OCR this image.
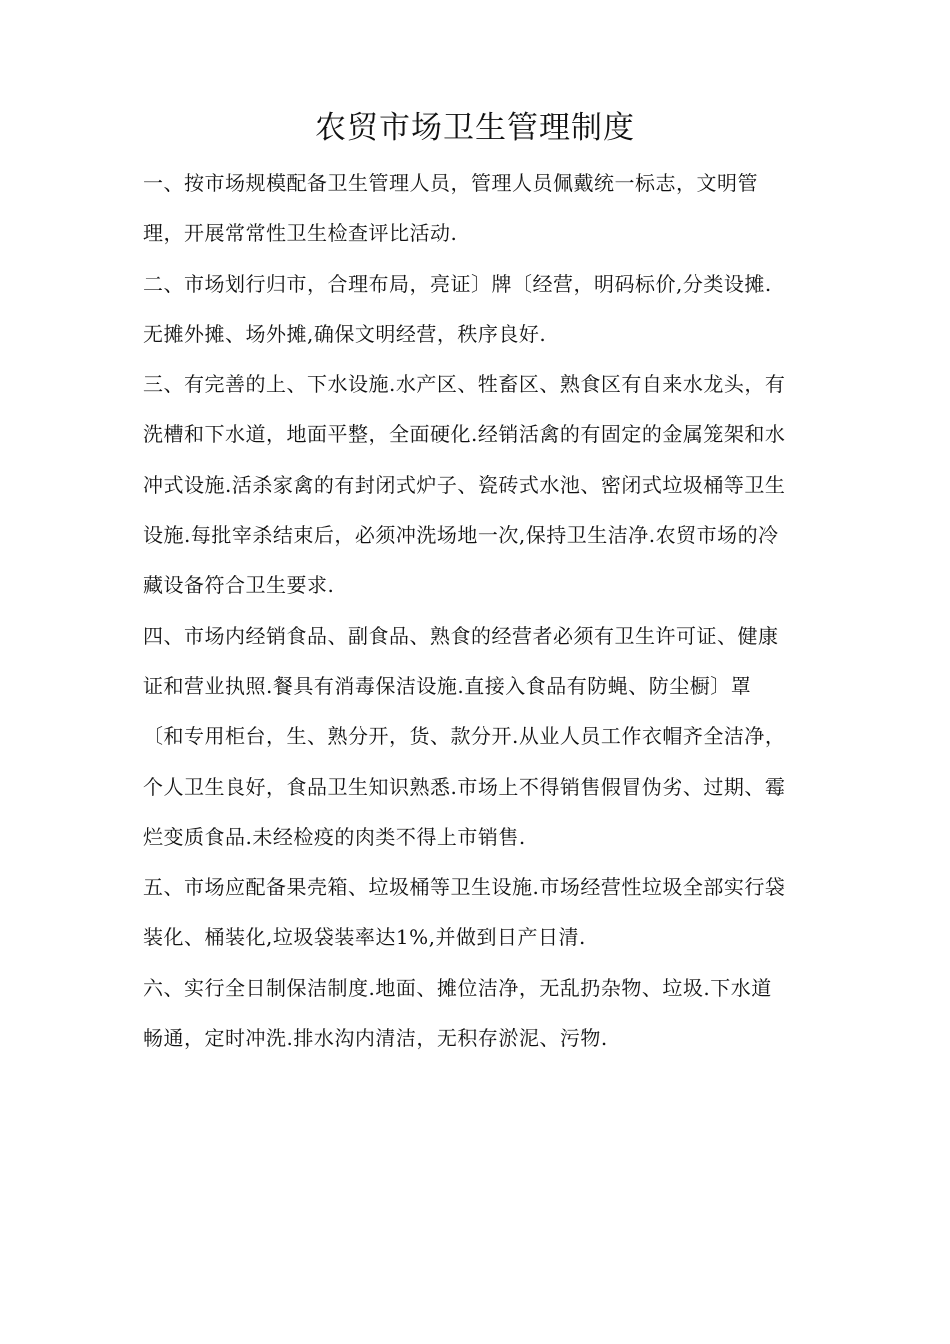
农贸市场卫生管理制度
一、按市场规模配备卫生管理人员，管理人员佩戴统一标志，文明管
理，开展常常性卫生检查评比活动.
二、市场划行归市，合理布局，亮证〕牌〔经营，明码标价,分类设摊.
无摊外摊、场外摊,确保文明经营，秩序良好.
三、有完善的上、下水设施.水产区、牲畜区、熟食区有自来水龙头，有
洗槽和下水道，地面平整，全面硬化.经销活禽的有固定的金属笼架和水
冲式设施.活杀家禽的有封闭式炉子、瓷砖式水池、密闭式垃圾桶等卫生
设施.每批宰杀结束后，必须冲洗场地一次,保持卫生洁净.农贸市场的冷
藏设备符合卫生要求.
四、市场内经销食品、副食品、熟食的经营者必须有卫生许可证、健康
证和营业执照.餐具有消毒保洁设施.直接入食品有防蝇、防尘橱〕罩
〔和专用柜台，生、熟分开，货、款分开.从业人员工作衣帽齐全洁净，
个人卫生良好，食品卫生知识熟悉.市场上不得销售假冒伪劣、过期、霉
烂变质食品.未经检疫的肉类不得上市销售.
五、市场应配备果壳箱、垃圾桶等卫生设施.市场经营性垃圾全部实行袋
装化、桶装化,垃圾袋装率达1%,并做到日产日清.
六、实行全日制保洁制度.地面、摊位洁净，无乱扔杂物、垃圾.下水道
畅通，定时冲洗.排水沟内清洁，无积存淤泥、污物.
